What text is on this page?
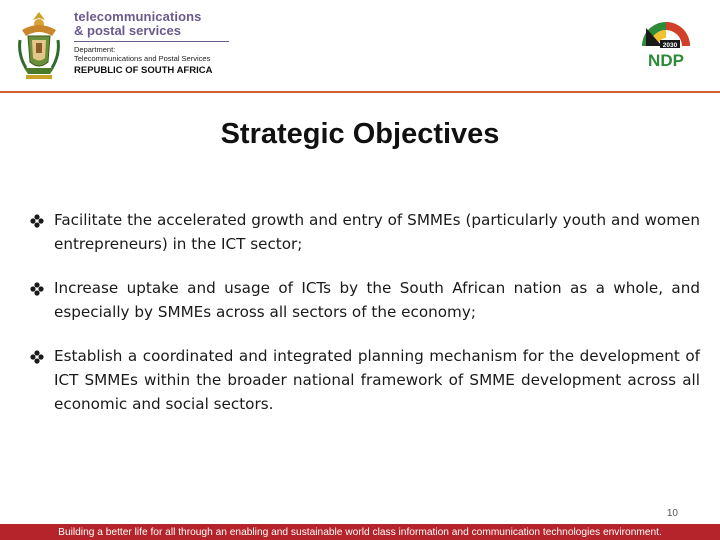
telecommunications
& postal services
Department:
Telecommunications and Postal Services
REPUBLIC OF SOUTH AFRICA
2030
NDP
Strategic Objectives
Facilitate the accelerated growth and entry of SMMEs (particularly youth and women entrepreneurs) in the ICT sector;
Increase uptake and usage of ICTs by the South African nation as a whole, and especially by SMMEs across all sectors of the economy;
Establish a coordinated and integrated planning mechanism for the development of ICT SMMEs within the broader national framework of SMME development across all economic and social sectors.
10
Building a better life for all through an enabling and sustainable world class information and communication technologies environment.
